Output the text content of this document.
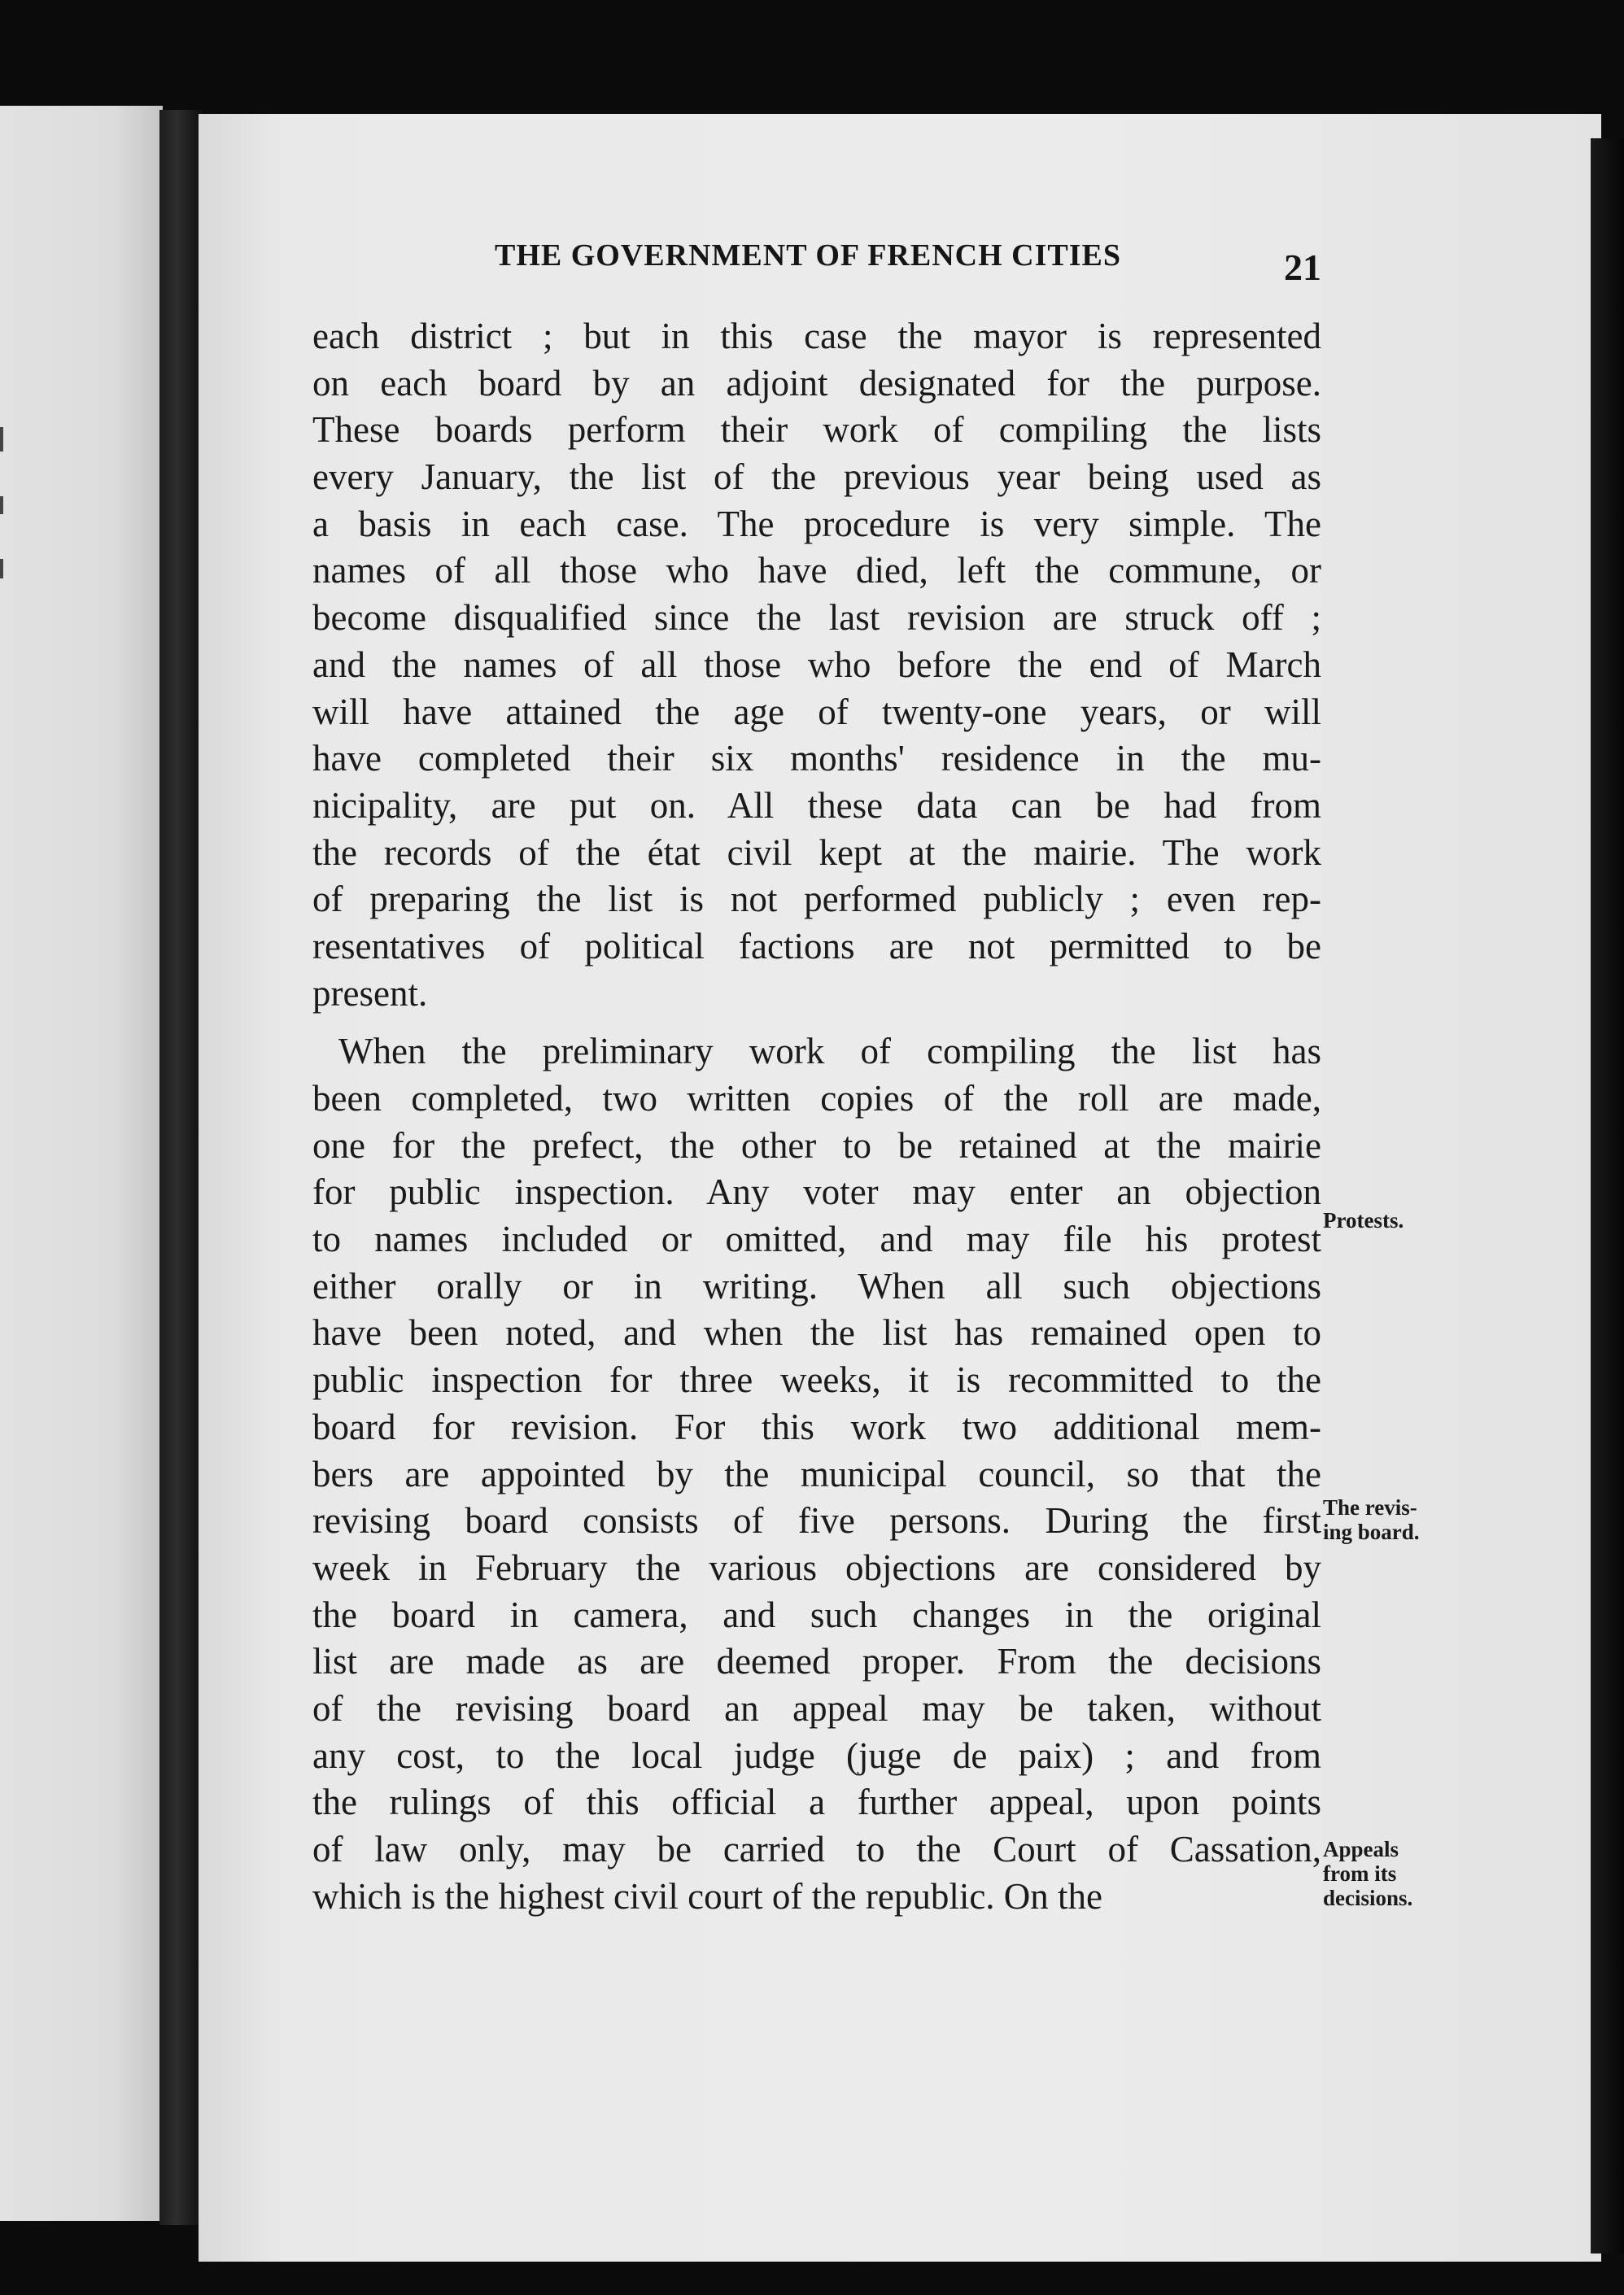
THE GOVERNMENT OF FRENCH CITIES	21
each district ; but in this case the mayor is represented
on each board by an adjoint designated for the purpose.
These boards perform their work of compiling the lists
every January, the list of the previous year being used as
a basis in each case. The procedure is very simple. The
names of all those who have died, left the commune, or
become disqualified since the last revision are struck off ;
and the names of all those who before the end of March
will have attained the age of twenty-one years, or will
have completed their six months' residence in the mu-
nicipality, are put on. All these data can be had from
the records of the état civil kept at the mairie. The work
of preparing the list is not performed publicly ; even rep-
resentatives of political factions are not permitted to be
present.
When the preliminary work of compiling the list has
been completed, two written copies of the roll are made,
one for the prefect, the other to be retained at the mairie
for public inspection. Any voter may enter an objection
to names included or omitted, and may file his protest
either orally or in writing. When all such objections
have been noted, and when the list has remained open to
public inspection for three weeks, it is recommitted to the
board for revision. For this work two additional mem-
bers are appointed by the municipal council, so that the
revising board consists of five persons. During the first
week in February the various objections are considered by
the board in camera, and such changes in the original
list are made as are deemed proper. From the decisions
of the revising board an appeal may be taken, without
any cost, to the local judge (juge de paix) ; and from
the rulings of this official a further appeal, upon points
of law only, may be carried to the Court of Cassation,
which is the highest civil court of the republic. On the
Protests.
The revis-
ing board.
Appeals
from its
decisions.
